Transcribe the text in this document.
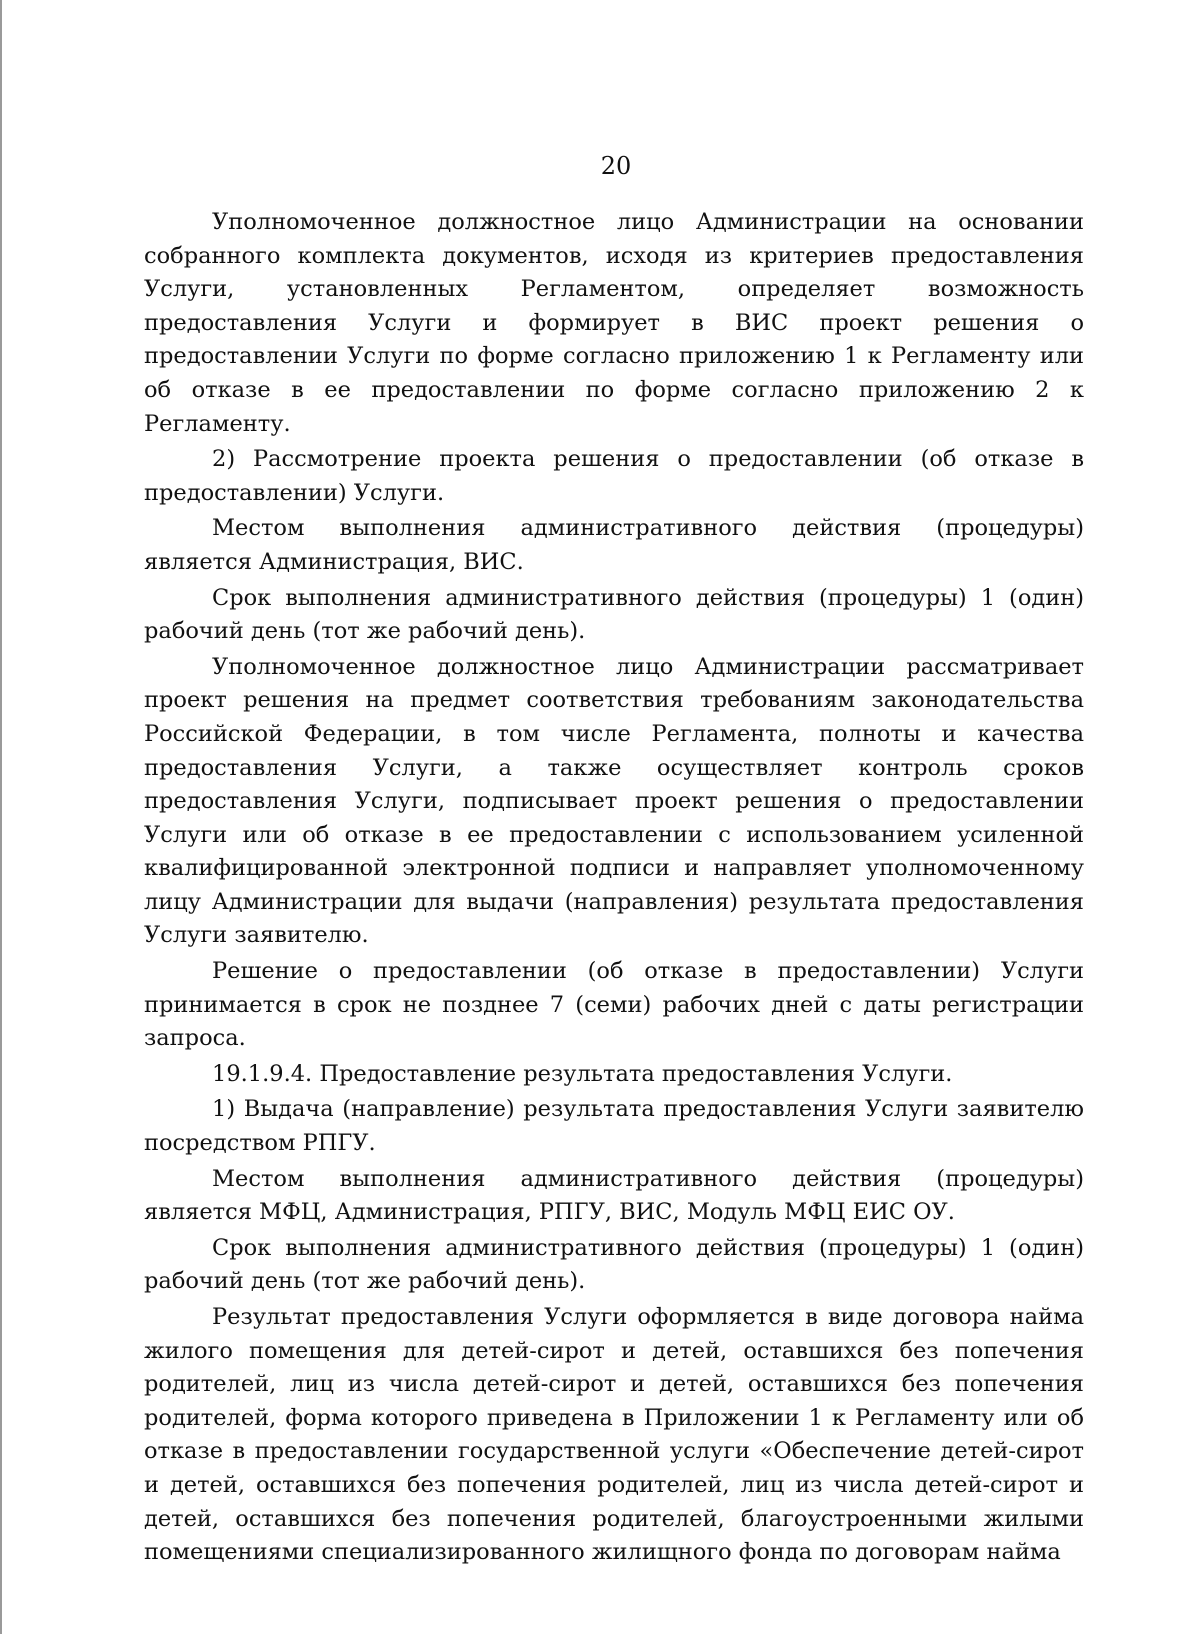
20

Уполномоченное должностное лицо Администрации на основании собранного комплекта документов, исходя из критериев предоставления Услуги, установленных Регламентом, определяет возможность предоставления Услуги и формирует в ВИС проект решения о предоставлении Услуги по форме согласно приложению 1 к Регламенту или об отказе в ее предоставлении по форме согласно приложению 2 к Регламенту.

2) Рассмотрение проекта решения о предоставлении (об отказе в предоставлении) Услуги.

Местом выполнения административного действия (процедуры) является Администрация, ВИС.

Срок выполнения административного действия (процедуры) 1 (один) рабочий день (тот же рабочий день).

Уполномоченное должностное лицо Администрации рассматривает проект решения на предмет соответствия требованиям законодательства Российской Федерации, в том числе Регламента, полноты и качества предоставления Услуги, а также осуществляет контроль сроков предоставления Услуги, подписывает проект решения о предоставлении Услуги или об отказе в ее предоставлении с использованием усиленной квалифицированной электронной подписи и направляет уполномоченному лицу Администрации для выдачи (направления) результата предоставления Услуги заявителю.

Решение о предоставлении (об отказе в предоставлении) Услуги принимается в срок не позднее 7 (семи) рабочих дней с даты регистрации запроса.

19.1.9.4. Предоставление результата предоставления Услуги.

1) Выдача (направление) результата предоставления Услуги заявителю посредством РПГУ.

Местом выполнения административного действия (процедуры) является МФЦ, Администрация, РПГУ, ВИС, Модуль МФЦ ЕИС ОУ.

Срок выполнения административного действия (процедуры) 1 (один) рабочий день (тот же рабочий день).

Результат предоставления Услуги оформляется в виде договора найма жилого помещения для детей-сирот и детей, оставшихся без попечения родителей, лиц из числа детей-сирот и детей, оставшихся без попечения родителей, форма которого приведена в Приложении 1 к Регламенту или об отказе в предоставлении государственной услуги «Обеспечение детей-сирот и детей, оставшихся без попечения родителей, лиц из числа детей-сирот и детей, оставшихся без попечения родителей, благоустроенными жилыми помещениями специализированного жилищного фонда по договорам найма
